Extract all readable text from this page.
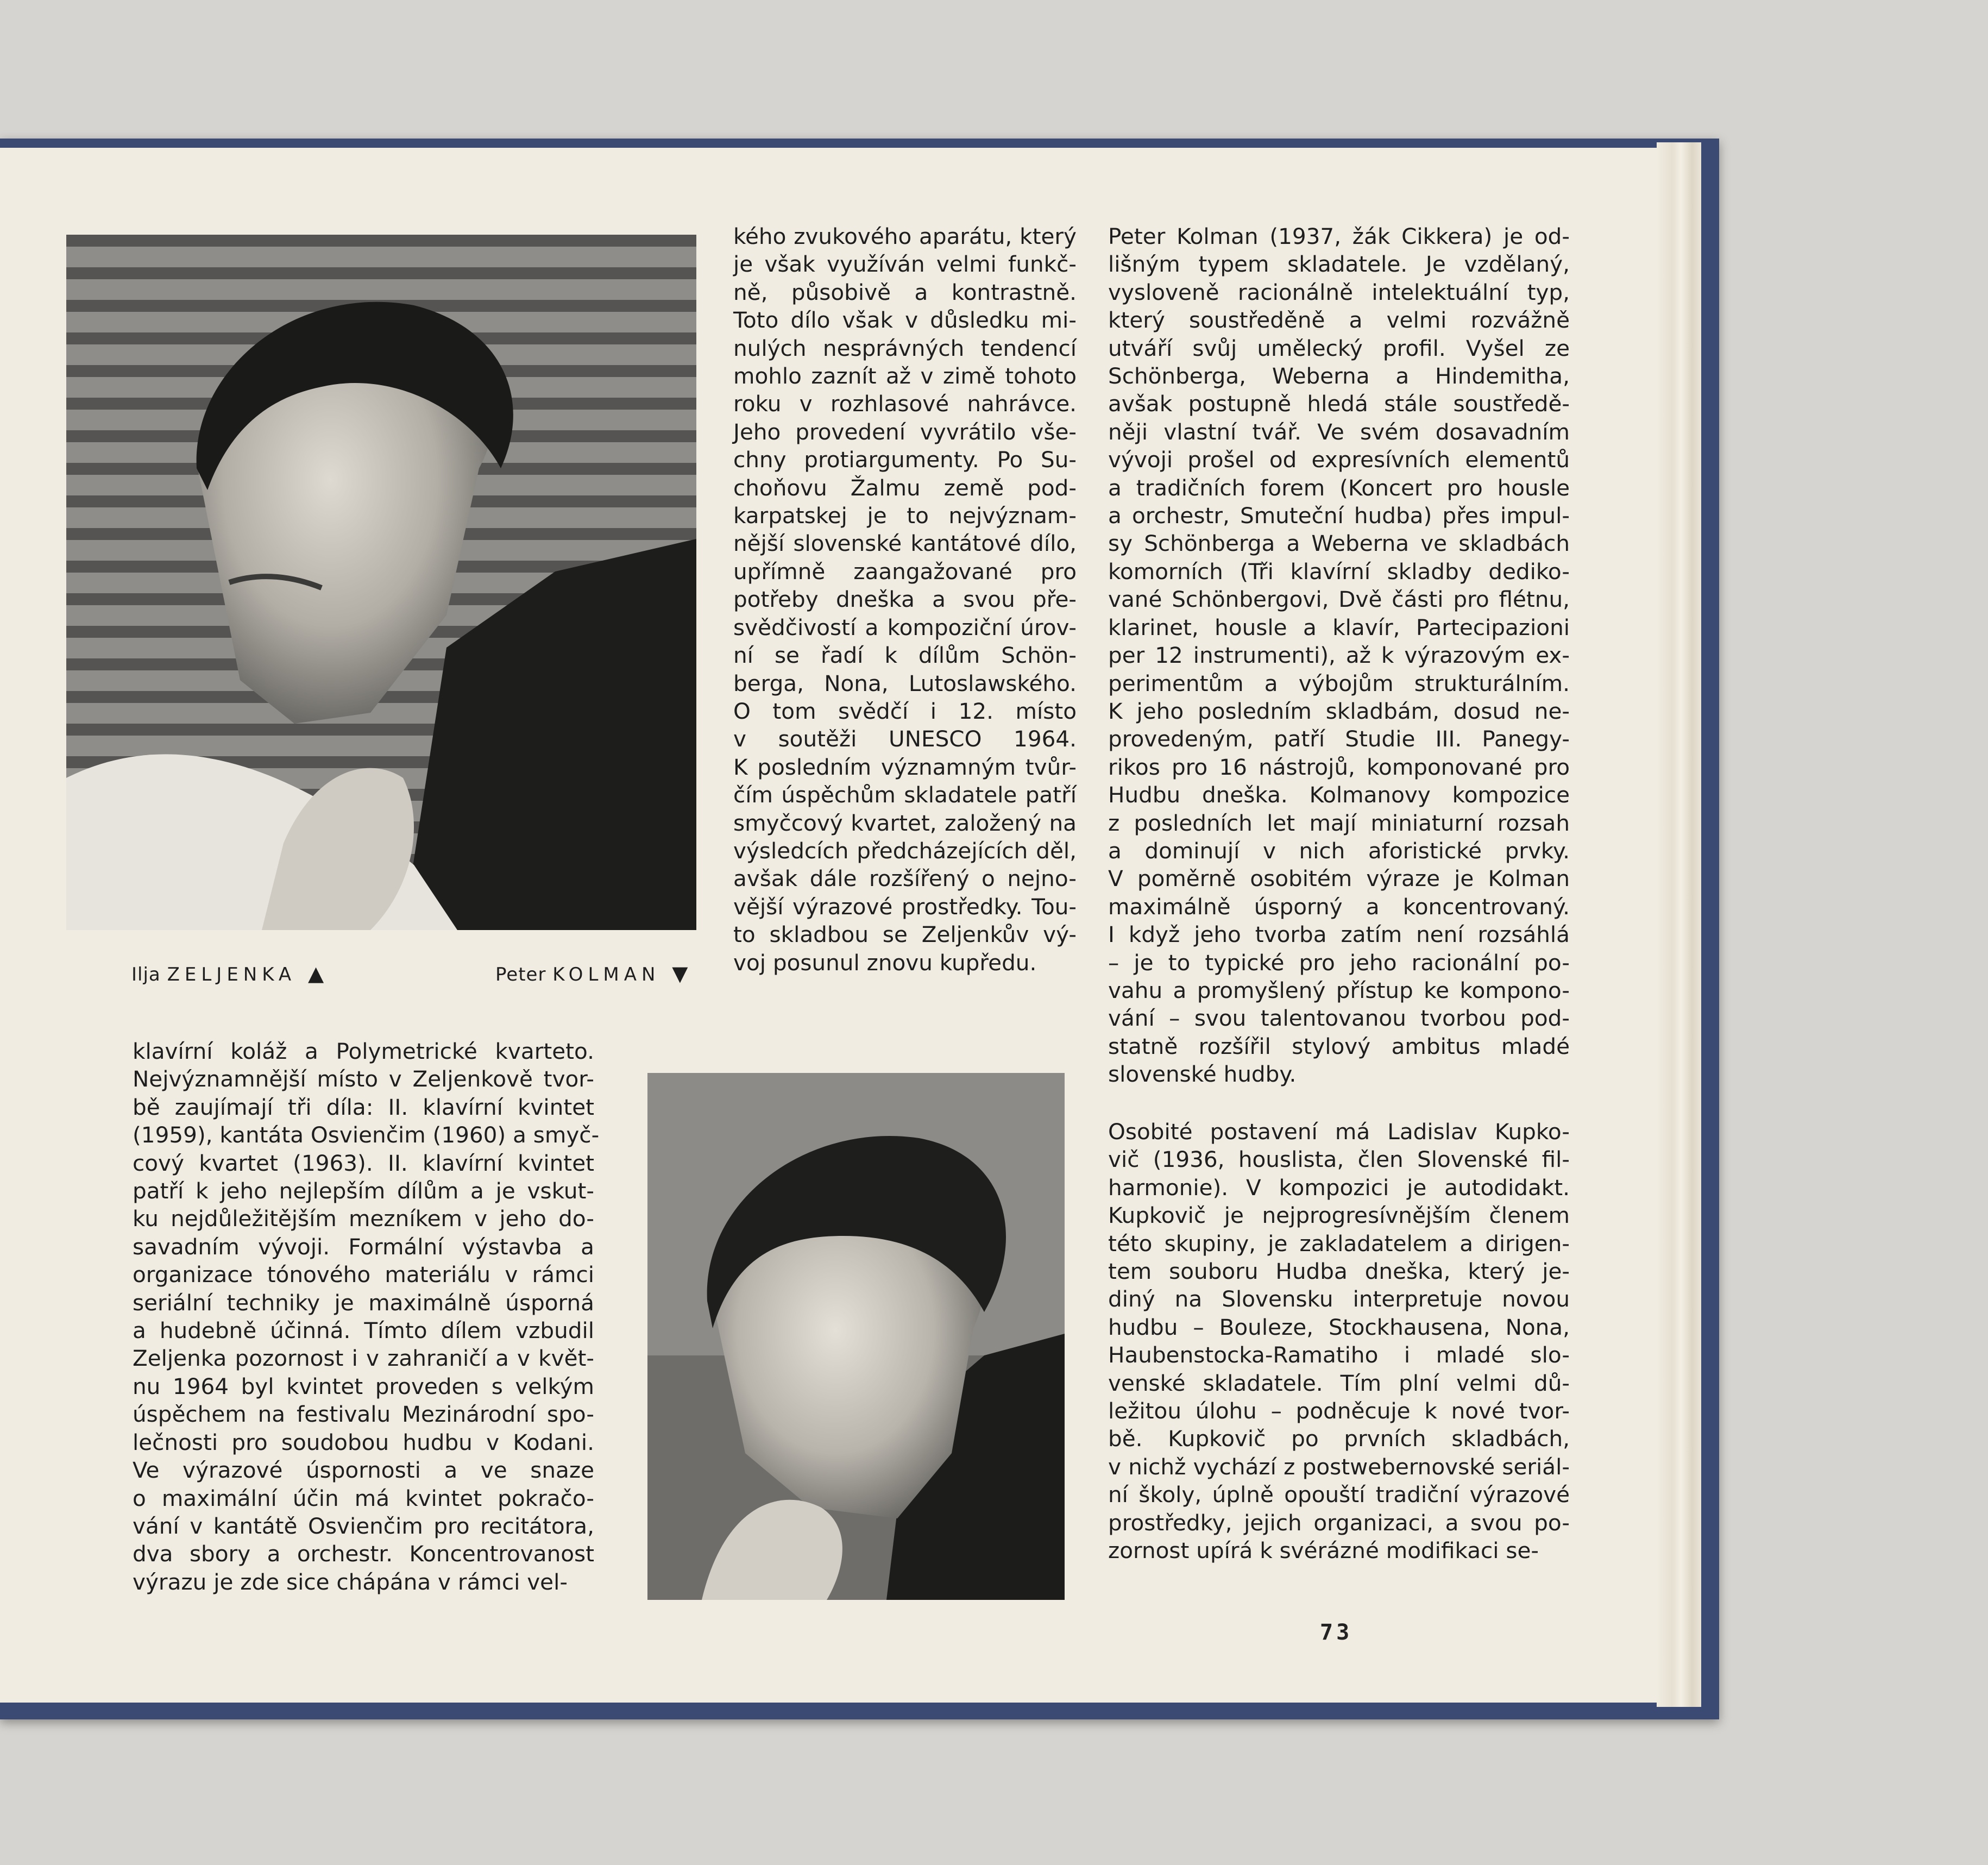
Ilja ZELJENKA ▲	Peter KOLMAN ▼
klavírní koláž a Polymetrické kvarteto.
Nejvýznamnější místo v Zeljenkově tvor-
bě zaujímají tři díla: II. klavírní kvintet
(1959), kantáta Osvienčim (1960) a smyč-
cový kvartet (1963). II. klavírní kvintet
patří k jeho nejlepším dílům a je vskut-
ku nejdůležitějším mezníkem v jeho do-
savadním vývoji. Formální výstavba a
organizace tónového materiálu v rámci
seriální techniky je maximálně úsporná
a hudebně účinná. Tímto dílem vzbudil
Zeljenka pozornost i v zahraničí a v květ-
nu 1964 byl kvintet proveden s velkým
úspěchem na festivalu Mezinárodní spo-
lečnosti pro soudobou hudbu v Kodani.
Ve výrazové úspornosti a ve snaze
o maximální účin má kvintet pokračo-
vání v kantátě Osvienčim pro recitátora,
dva sbory a orchestr. Koncentrovanost
výrazu je zde sice chápána v rámci vel-
kého zvukového aparátu, který
je však využíván velmi funkč-
ně, působivě a kontrastně.
Toto dílo však v důsledku mi-
nulých nesprávných tendencí
mohlo zaznít až v zimě tohoto
roku v rozhlasové nahrávce.
Jeho provedení vyvrátilo vše-
chny protiargumenty. Po Su-
choňovu Žalmu země pod-
karpatskej je to nejvýznam-
nější slovenské kantátové dílo,
upřímně zaangažované pro
potřeby dneška a svou pře-
svědčivostí a kompoziční úrov-
ní se řadí k dílům Schön-
berga, Nona, Lutoslawského.
O tom svědčí i 12. místo
v soutěži UNESCO 1964.
K posledním významným tvůr-
čím úspěchům skladatele patří
smyčcový kvartet, založený na
výsledcích předcházejících děl,
avšak dále rozšířený o nejno-
vější výrazové prostředky. Tou-
to skladbou se Zeljenkův vý-
voj posunul znovu kupředu.
Peter Kolman (1937, žák Cikkera) je od-
lišným typem skladatele. Je vzdělaný,
vysloveně racionálně intelektuální typ,
který soustředěně a velmi rozvážně
utváří svůj umělecký profil. Vyšel ze
Schönberga, Weberna a Hindemitha,
avšak postupně hledá stále soustředě-
něji vlastní tvář. Ve svém dosavadním
vývoji prošel od expresívních elementů
a tradičních forem (Koncert pro housle
a orchestr, Smuteční hudba) přes impul-
sy Schönberga a Weberna ve skladbách
komorních (Tři klavírní skladby dediko-
vané Schönbergovi, Dvě části pro flétnu,
klarinet, housle a klavír, Partecipazioni
per 12 instrumenti), až k výrazovým ex-
perimentům a výbojům strukturálním.
K jeho posledním skladbám, dosud ne-
provedeným, patří Studie III. Panegy-
rikos pro 16 nástrojů, komponované pro
Hudbu dneška. Kolmanovy kompozice
z posledních let mají miniaturní rozsah
a dominují v nich aforistické prvky.
V poměrně osobitém výraze je Kolman
maximálně úsporný a koncentrovaný.
I když jeho tvorba zatím není rozsáhlá
– je to typické pro jeho racionální po-
vahu a promyšlený přístup ke kompono-
vání – svou talentovanou tvorbou pod-
statně rozšířil stylový ambitus mladé
slovenské hudby.
Osobité postavení má Ladislav Kupko-
vič (1936, houslista, člen Slovenské fil-
harmonie). V kompozici je autodidakt.
Kupkovič je nejprogresívnějším členem
této skupiny, je zakladatelem a dirigen-
tem souboru Hudba dneška, který je-
diný na Slovensku interpretuje novou
hudbu – Bouleze, Stockhausena, Nona,
Haubenstocka-Ramatiho i mladé slo-
venské skladatele. Tím plní velmi dů-
ležitou úlohu – podněcuje k nové tvor-
bě. Kupkovič po prvních skladbách,
v nichž vychází z postwebernovské seriál-
ní školy, úplně opouští tradiční výrazové
prostředky, jejich organizaci, a svou po-
zornost upírá k svérázné modifikaci se-
73
